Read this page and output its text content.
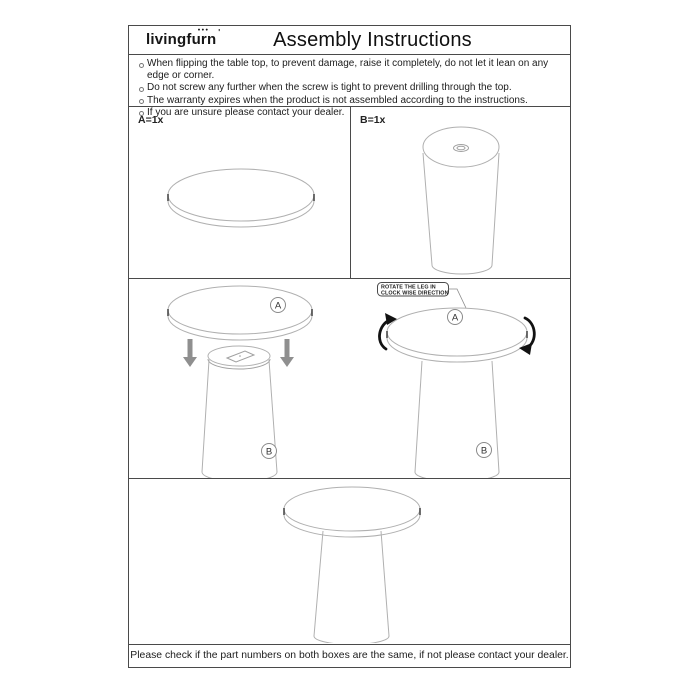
livingfurn
●●● '	Assembly Instructions
When flipping the table top, to prevent damage, raise it completely, do not let it lean on any edge or corner.
Do not screw any further when the screw is tight to prevent drilling through the top.
The warranty expires when the product is not assembled according to the instructions.
If you are unsure please contact your dealer.
A=1x	B=1x
A
B
ROTATE THE LEG IN
CLOCK WISE DIRECTION
A
B
Please check if the part numbers on both boxes are the same, if not please contact your dealer.
